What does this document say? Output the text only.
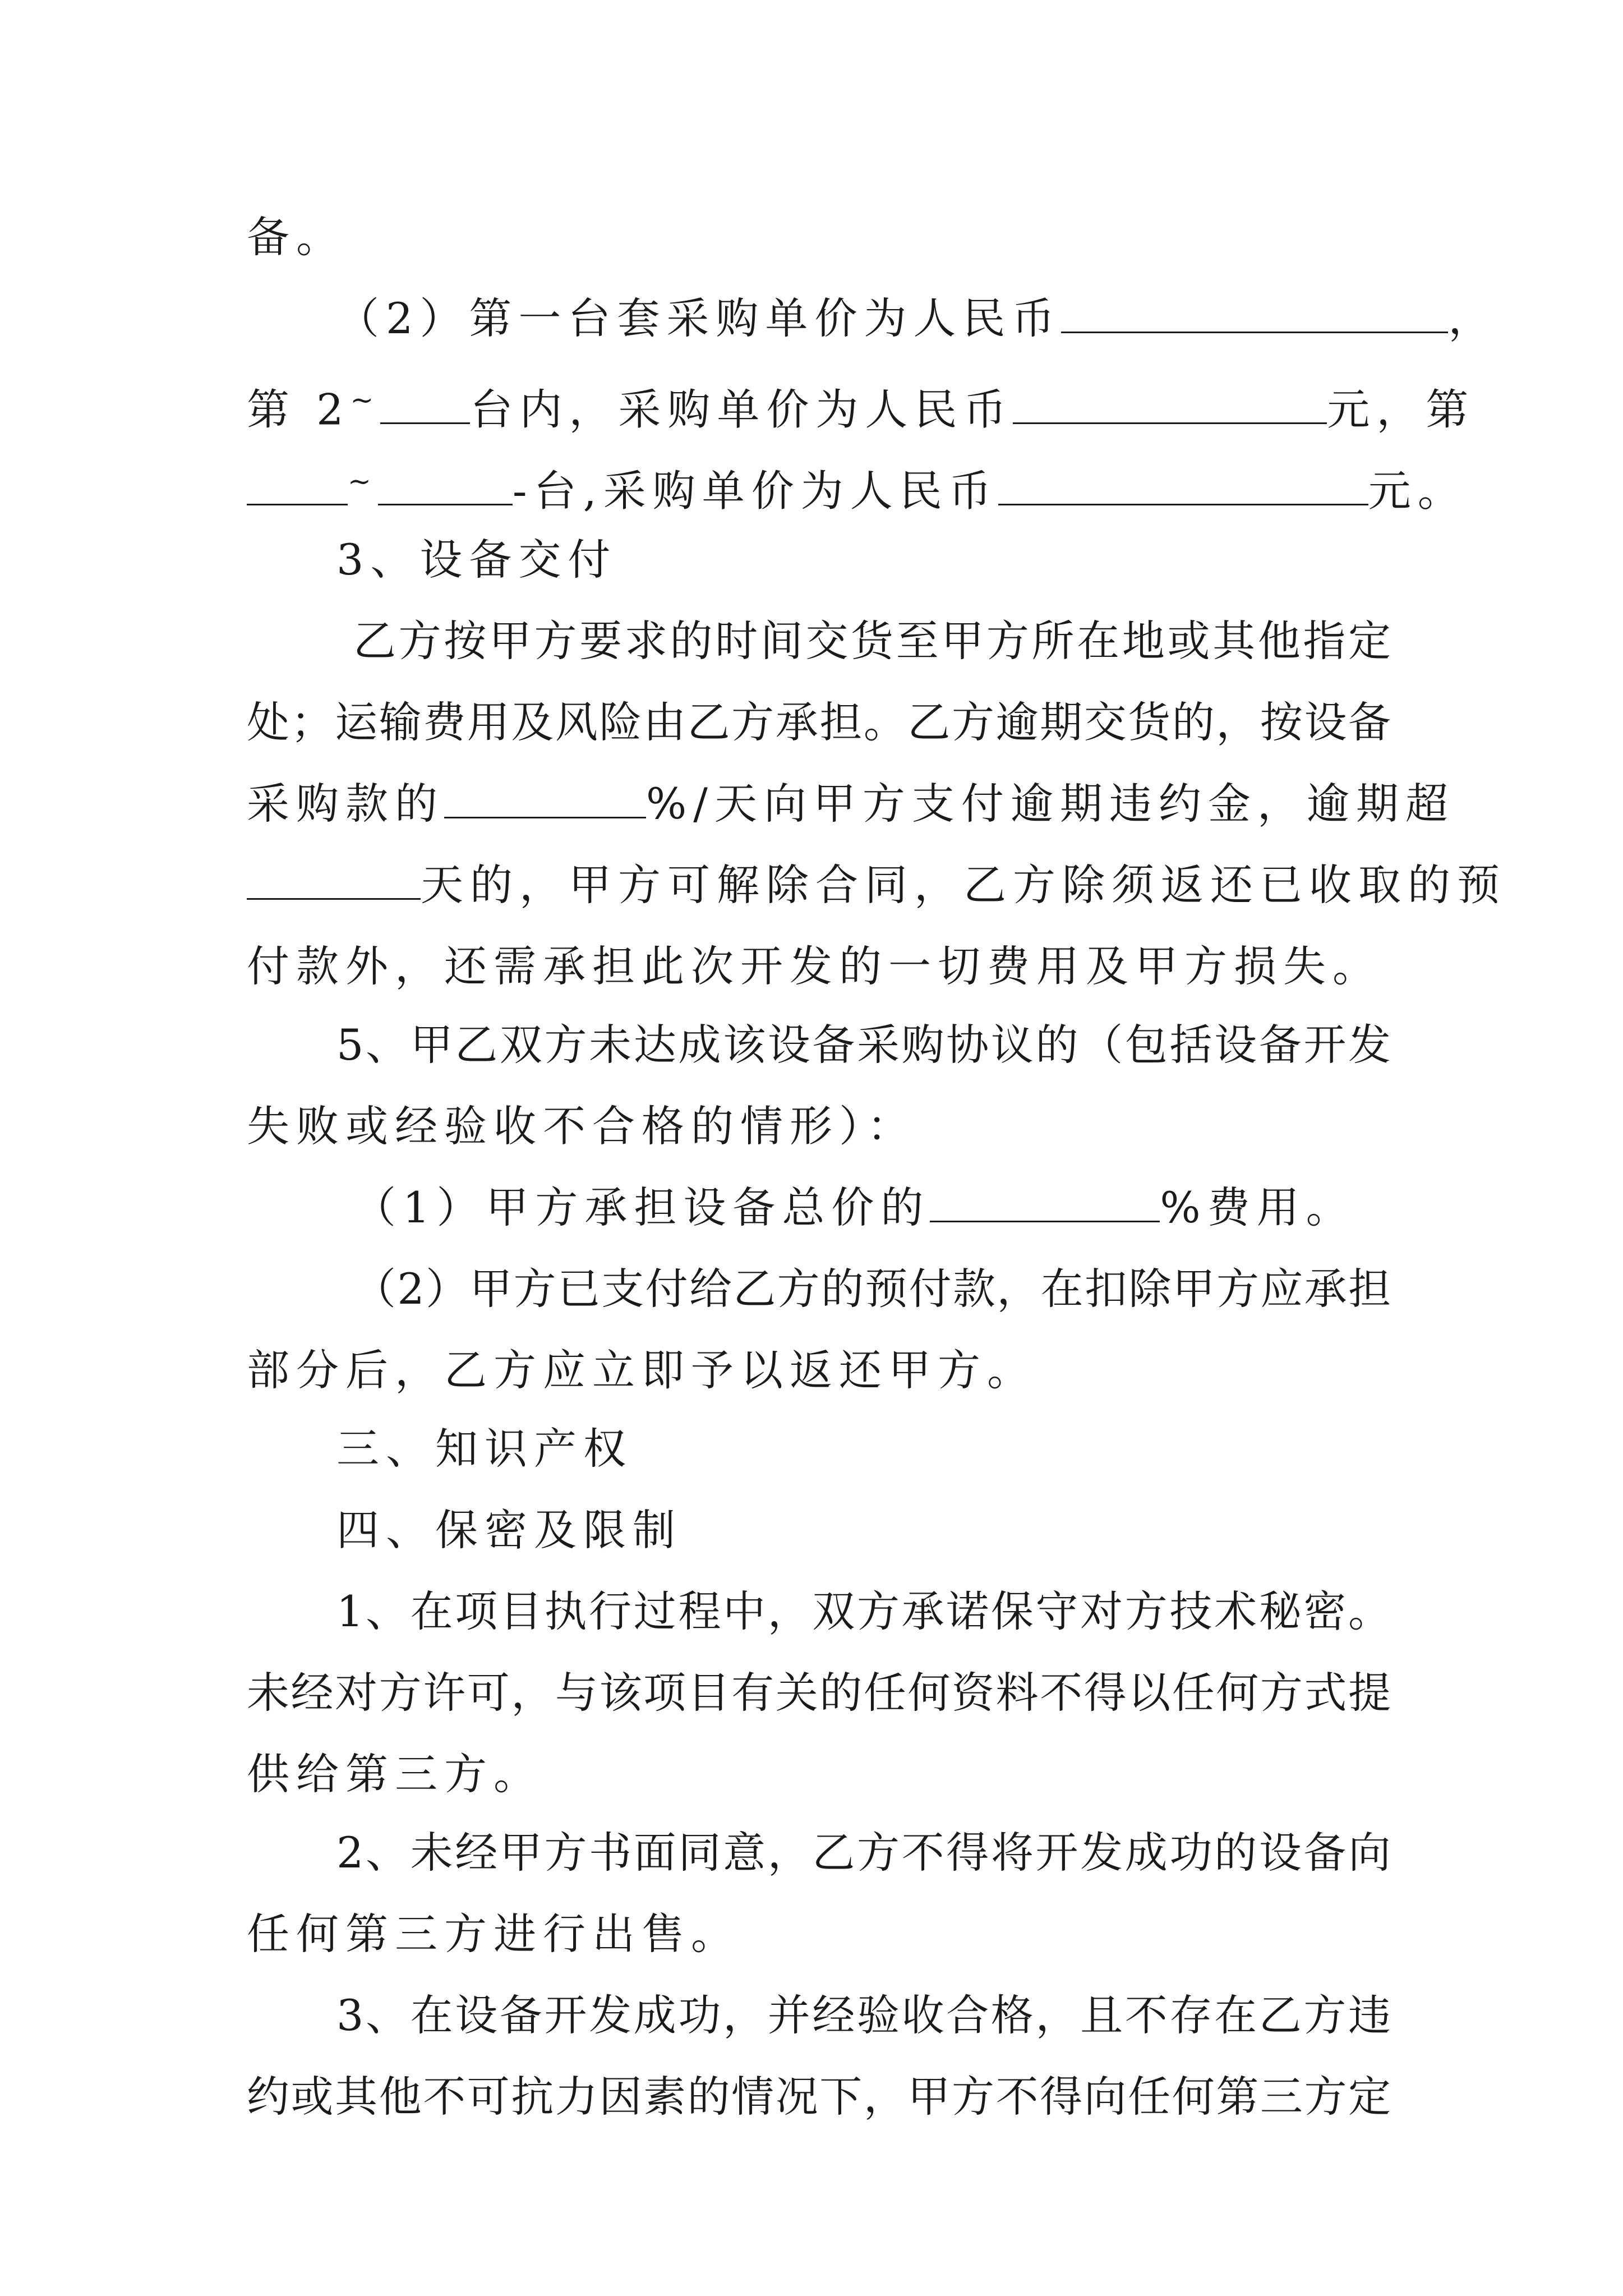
备。
（2）第一台套采购单价为人民币	，
第 2~ 台内，采购单价为人民币	元，第
~	-台,采购单价为人民币	元。
3、设备交付
乙方按甲方要求的时间交货至甲方所在地或其他指定
处；运输费用及风险由乙方承担。乙方逾期交货的，按设备
采购款的	%/天向甲方支付逾期违约金，逾期超
天的，甲方可解除合同，乙方除须返还已收取的预
付款外，还需承担此次开发的一切费用及甲方损失。
5、甲乙双方未达成该设备采购协议的（包括设备开发
失败或经验收不合格的情形）：
（1）甲方承担设备总价的	%费用。
（2）甲方已支付给乙方的预付款，在扣除甲方应承担
部分后，乙方应立即予以返还甲方。
三、知识产权
四、保密及限制
1、在项目执行过程中，双方承诺保守对方技术秘密。
未经对方许可，与该项目有关的任何资料不得以任何方式提
供给第三方。
2、未经甲方书面同意，乙方不得将开发成功的设备向
任何第三方进行出售。
3、在设备开发成功，并经验收合格，且不存在乙方违
约或其他不可抗力因素的情况下，甲方不得向任何第三方定
